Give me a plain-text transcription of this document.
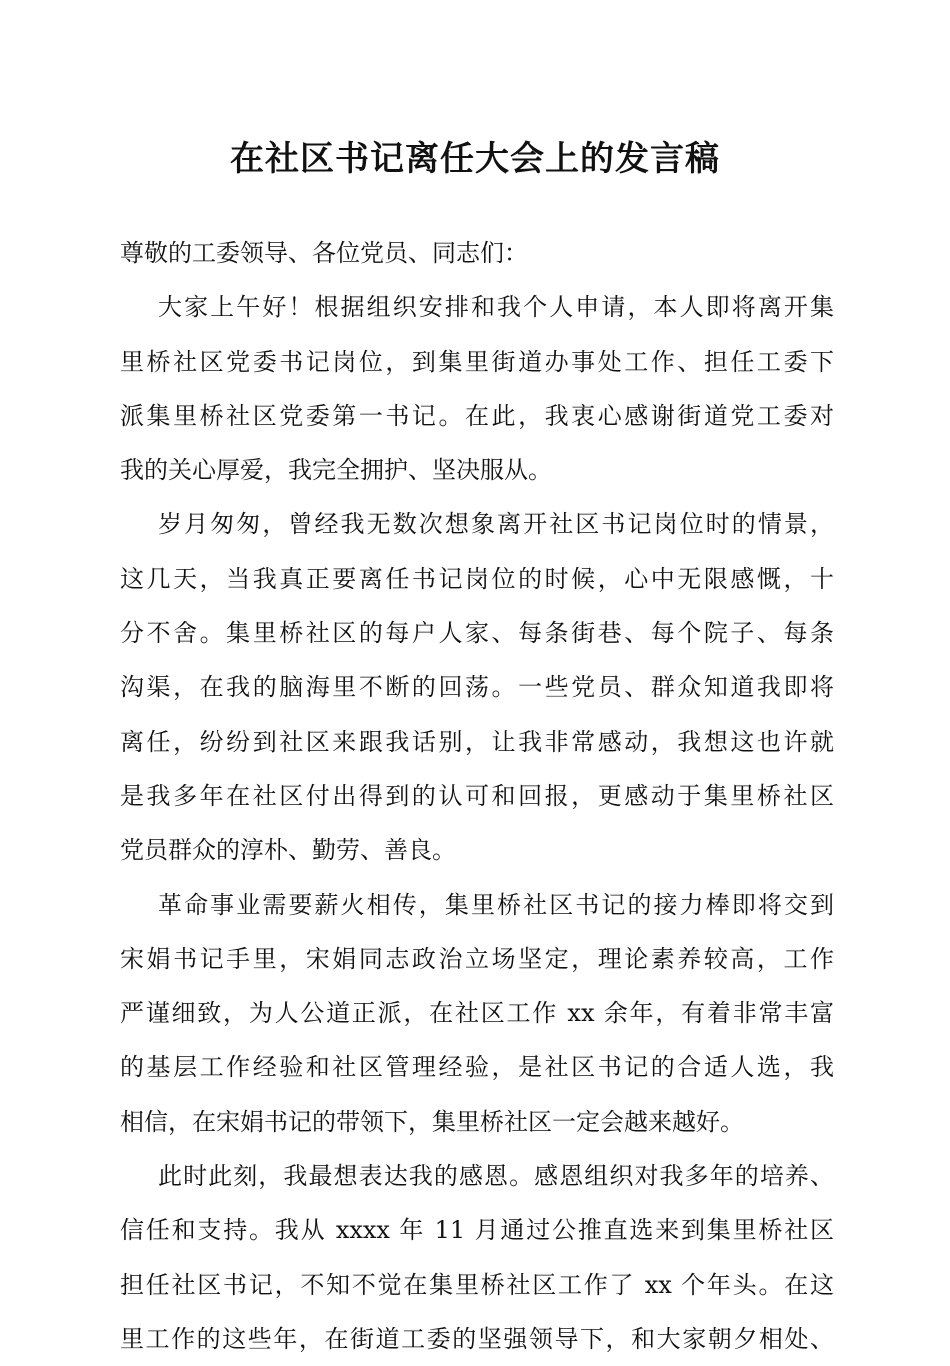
在社区书记离任大会上的发言稿
尊敬的工委领导、各位党员、同志们：
大家上午好！根据组织安排和我个人申请，本人即将离开集
里桥社区党委书记岗位，到集里街道办事处工作、担任工委下
派集里桥社区党委第一书记。在此，我衷心感谢街道党工委对
我的关心厚爱，我完全拥护、坚决服从。
岁月匆匆，曾经我无数次想象离开社区书记岗位时的情景，
这几天，当我真正要离任书记岗位的时候，心中无限感慨，十
分不舍。集里桥社区的每户人家、每条街巷、每个院子、每条
沟渠，在我的脑海里不断的回荡。一些党员、群众知道我即将
离任，纷纷到社区来跟我话别，让我非常感动，我想这也许就
是我多年在社区付出得到的认可和回报，更感动于集里桥社区
党员群众的淳朴、勤劳、善良。
革命事业需要薪火相传，集里桥社区书记的接力棒即将交到
宋娟书记手里，宋娟同志政治立场坚定，理论素养较高，工作
严谨细致，为人公道正派，在社区工作 xx 余年，有着非常丰富
的基层工作经验和社区管理经验，是社区书记的合适人选，我
相信，在宋娟书记的带领下，集里桥社区一定会越来越好。
此时此刻，我最想表达我的感恩。感恩组织对我多年的培养、
信任和支持。我从 xxxx 年 11 月通过公推直选来到集里桥社区
担任社区书记，不知不觉在集里桥社区工作了 xx 个年头。在这
里工作的这些年，在街道工委的坚强领导下，和大家朝夕相处、
